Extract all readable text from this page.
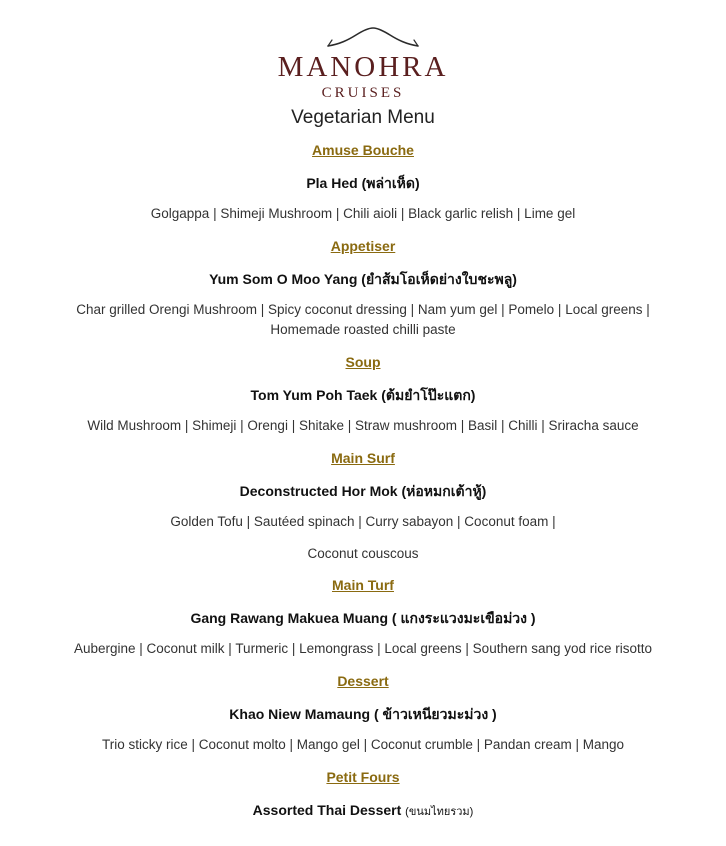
MANOHRA
CRUISES
Vegetarian Menu
Amuse Bouche
Pla Hed (พล่าเห็ด)
Golgappa | Shimeji Mushroom | Chili aioli | Black garlic relish | Lime gel
Appetiser
Yum Som O Moo Yang (ยำส้มโอเห็ดย่างใบชะพลู)
Char grilled Orengi Mushroom | Spicy coconut dressing | Nam yum gel | Pomelo | Local greens |
Homemade roasted chilli paste
Soup
Tom Yum Poh Taek (ต้มยำโป๊ะแตก)
Wild Mushroom | Shimeji | Orengi | Shitake | Straw mushroom | Basil | Chilli | Sriracha sauce
Main Surf
Deconstructed Hor Mok (ห่อหมกเต้าหู้)
Golden Tofu | Sautéed spinach | Curry sabayon | Coconut foam |
Coconut couscous
Main Turf
Gang Rawang Makuea Muang ( แกงระแวงมะเขือม่วง )
Aubergine | Coconut milk | Turmeric | Lemongrass | Local greens | Southern sang yod rice risotto
Dessert
Khao Niew Mamaung ( ข้าวเหนียวมะม่วง )
Trio sticky rice | Coconut molto | Mango gel | Coconut crumble | Pandan cream | Mango
Petit Fours
Assorted Thai Dessert (ขนมไทยรวม)
